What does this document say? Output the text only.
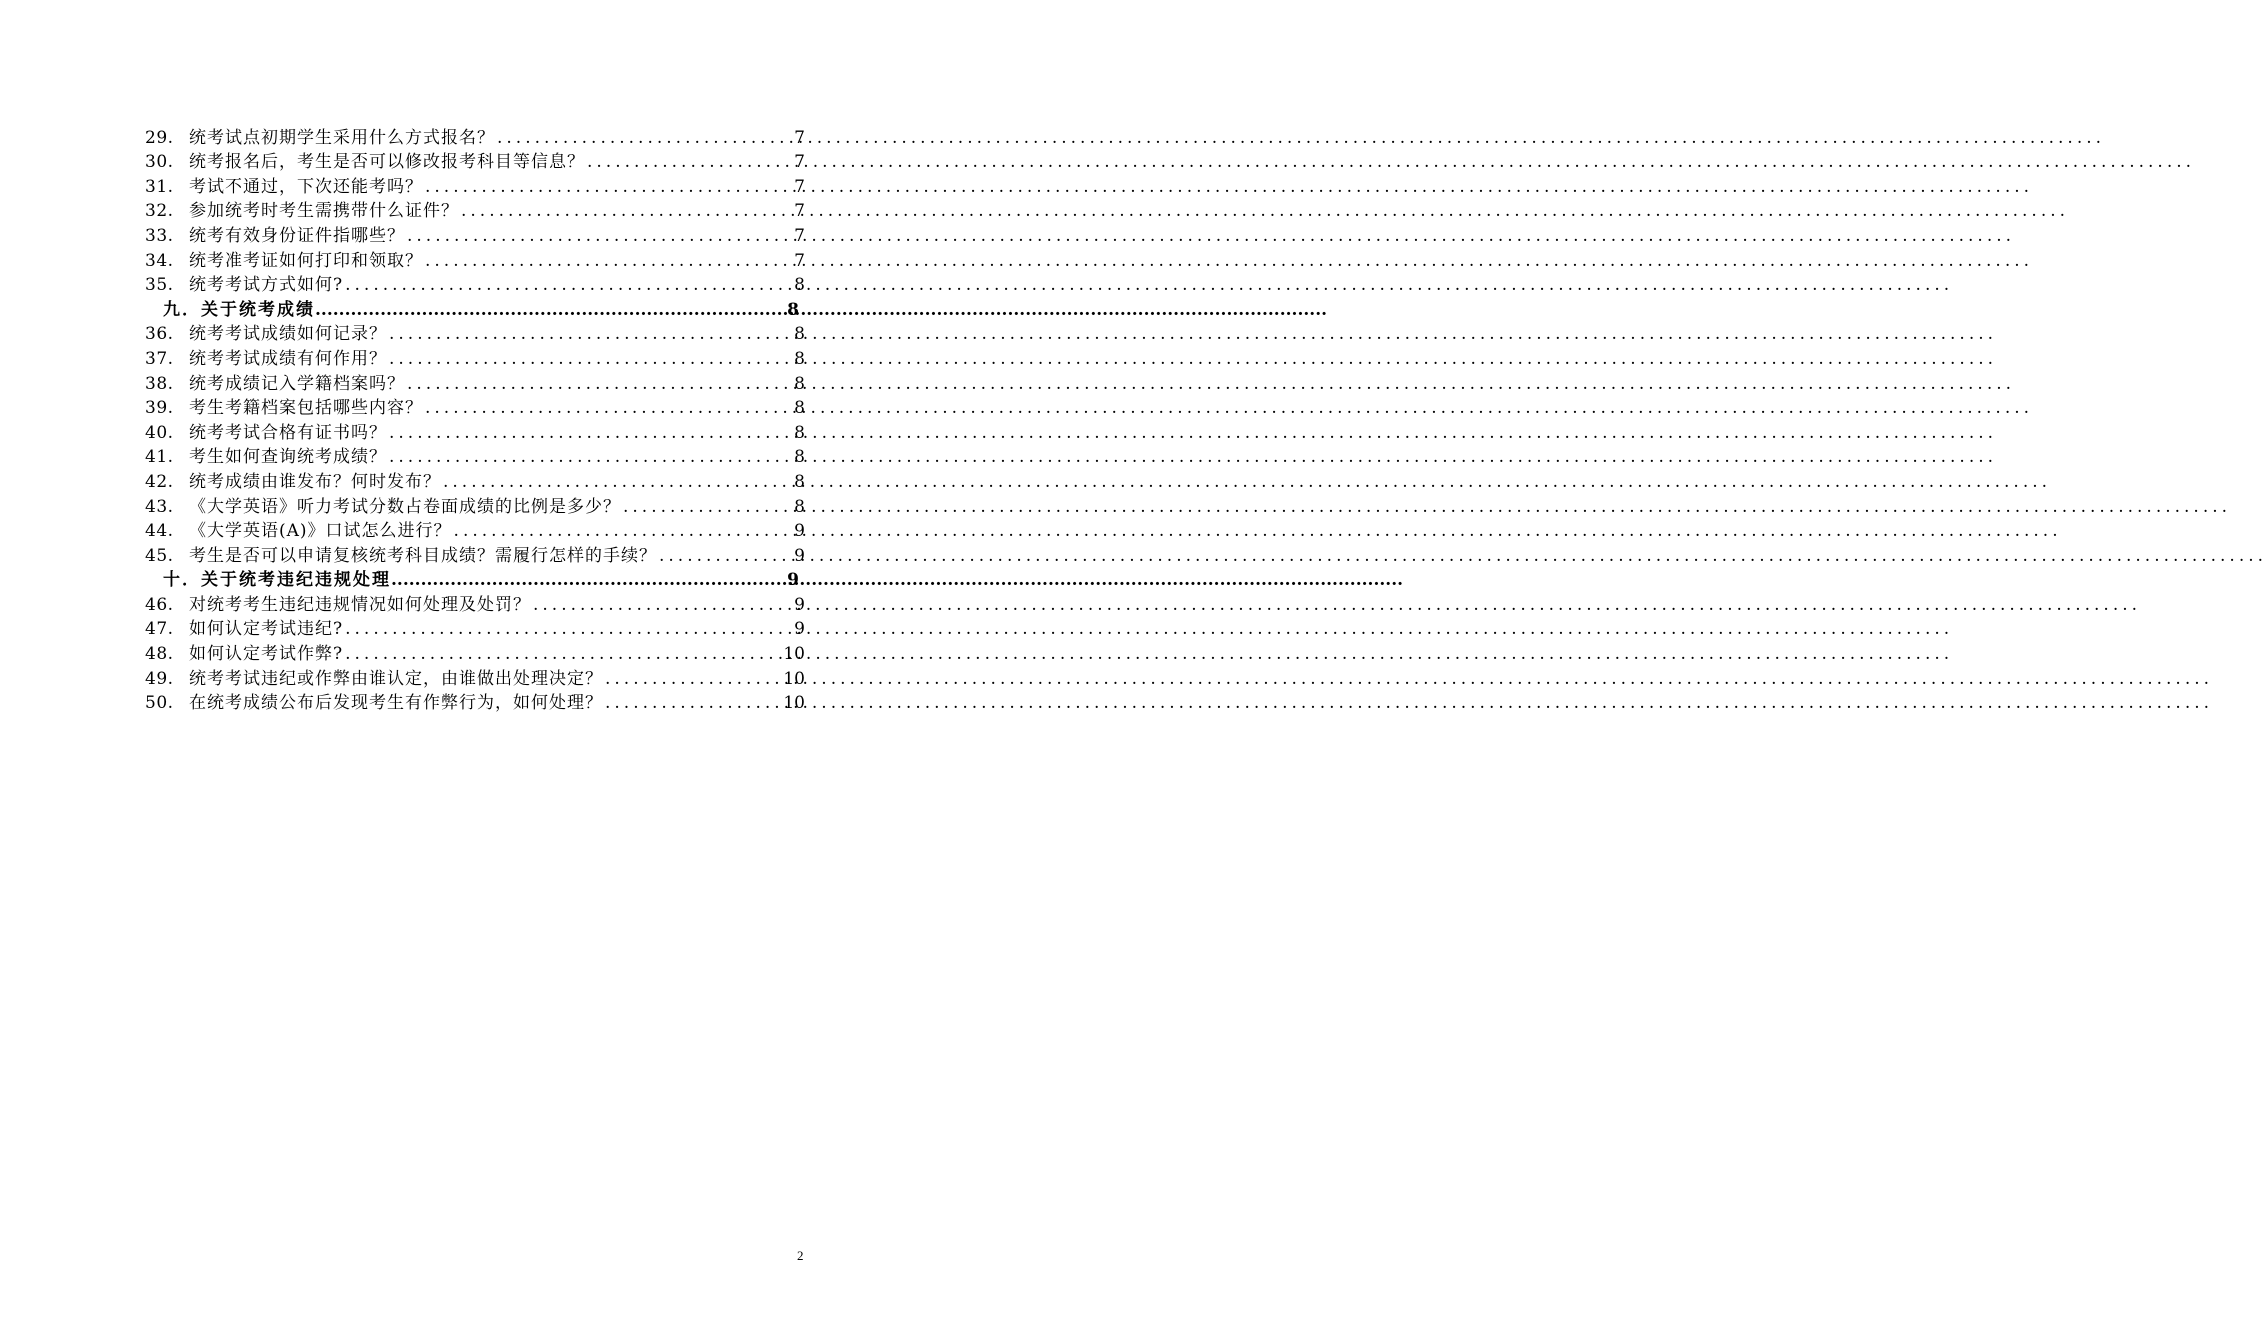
29. 统考试点初期学生采用什么方式报名？ .....	7
30. 统考报名后，考生是否可以修改报考科目等信息？ .....	7
31. 考试不通过，下次还能考吗？ .....	7
32. 参加统考时考生需携带什么证件？ .....	7
33. 统考有效身份证件指哪些？ .....	7
34. 统考准考证如何打印和领取？ .....	7
35. 统考考试方式如何? .....	8
九．关于统考成绩 .....	8
36. 统考考试成绩如何记录？ .....	8
37. 统考考试成绩有何作用？ .....	8
38. 统考成绩记入学籍档案吗？ .....	8
39. 考生考籍档案包括哪些内容？ .....	8
40. 统考考试合格有证书吗？ .....	8
41. 考生如何查询统考成绩？ .....	8
42. 统考成绩由谁发布？何时发布？ .....	8
43. 《大学英语》听力考试分数占卷面成绩的比例是多少？ .....	8
44. 《大学英语(A)》口试怎么进行？ .....	9
45. 考生是否可以申请复核统考科目成绩？需履行怎样的手续？ .....	9
十．关于统考违纪违规处理 .....	9
46. 对统考考生违纪违规情况如何处理及处罚？ .....	9
47. 如何认定考试违纪? .....	9
48. 如何认定考试作弊? .....	10
49. 统考考试违纪或作弊由谁认定，由谁做出处理决定？ .....	10
50. 在统考成绩公布后发现考生有作弊行为，如何处理？ .....	10
2
